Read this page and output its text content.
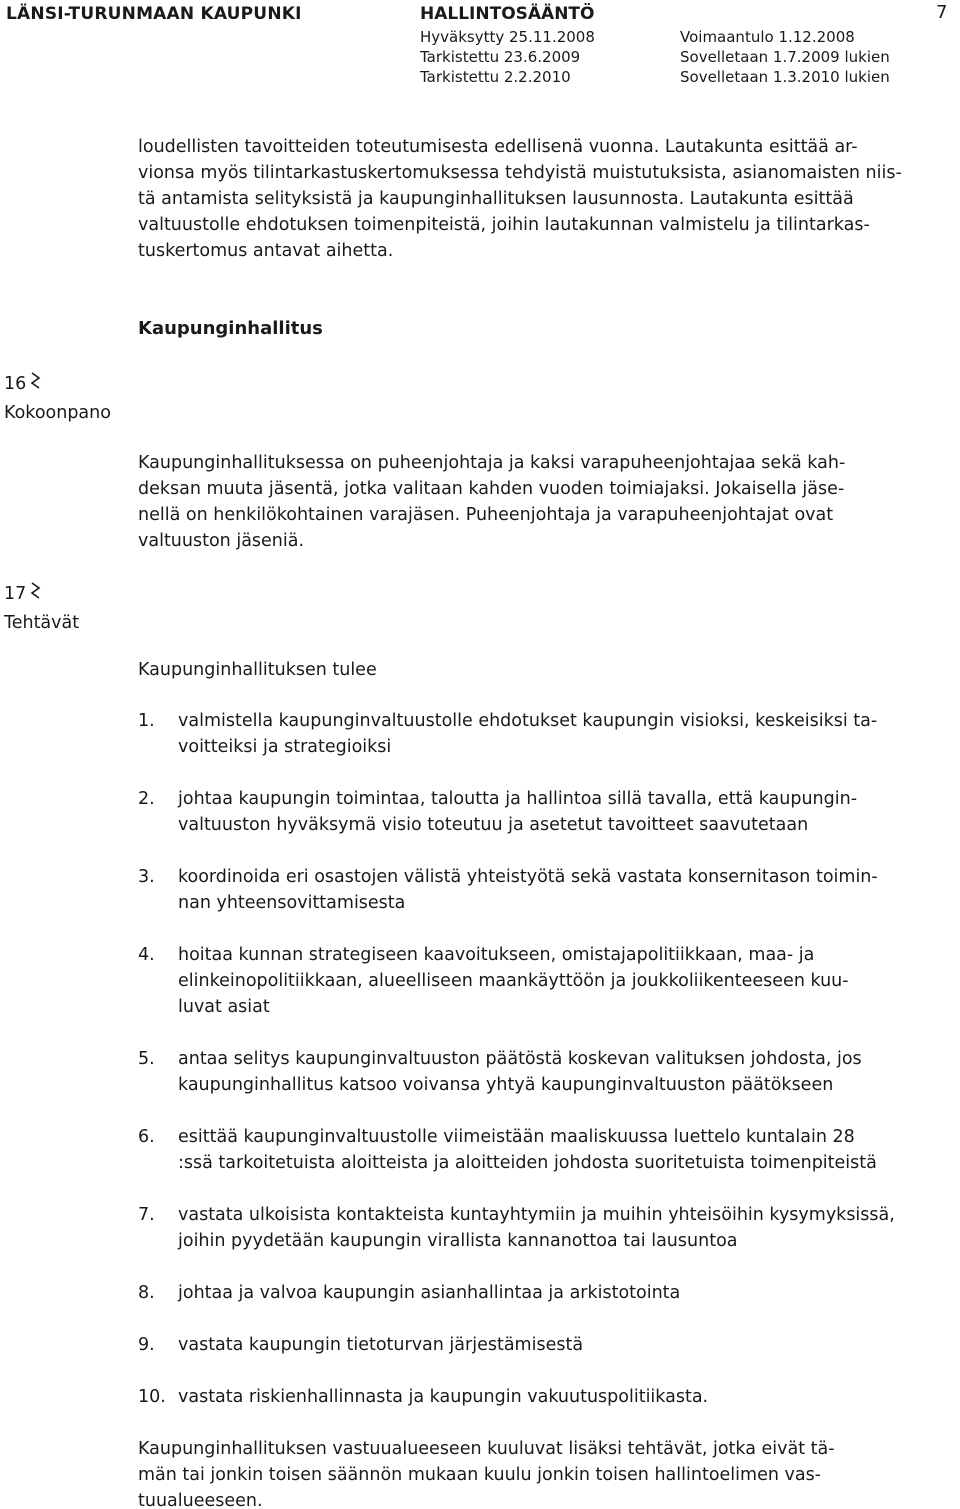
LÄNSI-TURUNMAAN KAUPUNKI	HALLINTOSÄÄNTÖ	7
Hyväksytty 25.11.2008	Voimaantulo 1.12.2008
Tarkistettu 23.6.2009	Sovelletaan 1.7.2009 lukien
Tarkistettu 2.2.2010	Sovelletaan 1.3.2010 lukien
loudellisten tavoitteiden toteutumisesta edellisenä vuonna. Lautakunta esittää ar-
vionsa myös tilintarkastuskertomuksessa tehdyistä muistutuksista, asianomaisten niis-
tä antamista selityksistä ja kaupunginhallituksen lausunnosta. Lautakunta esittää
valtuustolle ehdotuksen toimenpiteistä, joihin lautakunnan valmistelu ja tilintarkas-
tuskertomus antavat aihetta.
Kaupunginhallitus
16
Kokoonpano
Kaupunginhallituksessa on puheenjohtaja ja kaksi varapuheenjohtajaa sekä kah-
deksan muuta jäsentä, jotka valitaan kahden vuoden toimiajaksi. Jokaisella jäse-
nellä on henkilökohtainen varajäsen. Puheenjohtaja ja varapuheenjohtajat ovat
valtuuston jäseniä.
17
Tehtävät
Kaupunginhallituksen tulee
1. valmistella kaupunginvaltuustolle ehdotukset kaupungin visioksi, keskeisiksi ta-
voitteiksi ja strategioiksi
2. johtaa kaupungin toimintaa, taloutta ja hallintoa sillä tavalla, että kaupungin-
valtuuston hyväksymä visio toteutuu ja asetetut tavoitteet saavutetaan
3. koordinoida eri osastojen välistä yhteistyötä sekä vastata konsernitason toimin-
nan yhteensovittamisesta
4. hoitaa kunnan strategiseen kaavoitukseen, omistajapolitiikkaan, maa- ja
elinkeinopolitiikkaan, alueelliseen maankäyttöön ja joukkoliikenteeseen kuu-
luvat asiat
5. antaa selitys kaupunginvaltuuston päätöstä koskevan valituksen johdosta, jos
kaupunginhallitus katsoo voivansa yhtyä kaupunginvaltuuston päätökseen
6. esittää kaupunginvaltuustolle viimeistään maaliskuussa luettelo kuntalain 28
:ssä tarkoitetuista aloitteista ja aloitteiden johdosta suoritetuista toimenpiteistä
7. vastata ulkoisista kontakteista kuntayhtymiin ja muihin yhteisöihin kysymyksissä,
joihin pyydetään kaupungin virallista kannanottoa tai lausuntoa
8. johtaa ja valvoa kaupungin asianhallintaa ja arkistotointa
9. vastata kaupungin tietoturvan järjestämisestä
10. vastata riskienhallinnasta ja kaupungin vakuutuspolitiikasta.
Kaupunginhallituksen vastuualueeseen kuuluvat lisäksi tehtävät, jotka eivät tä-
män tai jonkin toisen säännön mukaan kuulu jonkin toisen hallintoelimen vas-
tuualueeseen.
